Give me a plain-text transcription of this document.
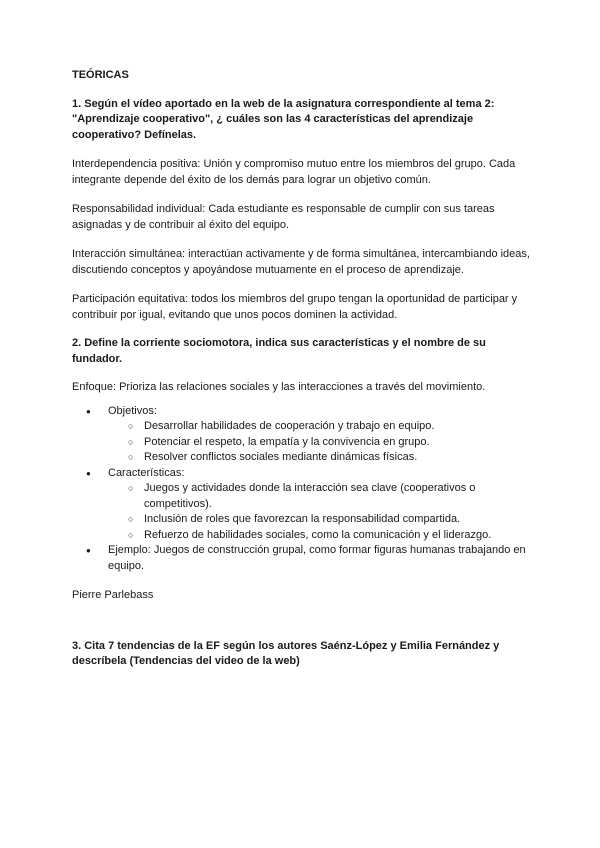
TEÓRICAS

1. Según el vídeo aportado en la web de la asignatura correspondiente al tema 2: "Aprendizaje cooperativo", ¿ cuáles son las 4 características del aprendizaje cooperativo? Defínelas.

Interdependencia positiva: Unión y compromiso mutuo entre los miembros del grupo. Cada integrante depende del éxito de los demás para lograr un objetivo común.

Responsabilidad individual: Cada estudiante es responsable de cumplir con sus tareas asignadas y de contribuir al éxito del equipo.

Interacción simultánea: interactúan activamente y de forma simultánea, intercambiando ideas, discutiendo conceptos y apoyándose mutuamente en el proceso de aprendizaje.

Participación equitativa: todos los miembros del grupo tengan la oportunidad de participar y contribuir por igual, evitando que unos pocos dominen la actividad.

2. Define la corriente sociomotora, indica sus características y el nombre de su fundador.

Enfoque: Prioriza las relaciones sociales y las interacciones a través del movimiento.

● Objetivos:
○ Desarrollar habilidades de cooperación y trabajo en equipo.
○ Potenciar el respeto, la empatía y la convivencia en grupo.
○ Resolver conflictos sociales mediante dinámicas físicas.
● Características:
○ Juegos y actividades donde la interacción sea clave (cooperativos o competitivos).
○ Inclusión de roles que favorezcan la responsabilidad compartida.
○ Refuerzo de habilidades sociales, como la comunicación y el liderazgo.
● Ejemplo: Juegos de construcción grupal, como formar figuras humanas trabajando en equipo.

Pierre Parlebass

3. Cita 7 tendencias de la EF según los autores Saénz-López y Emilia Fernández y descríbela (Tendencias del video de la web)
